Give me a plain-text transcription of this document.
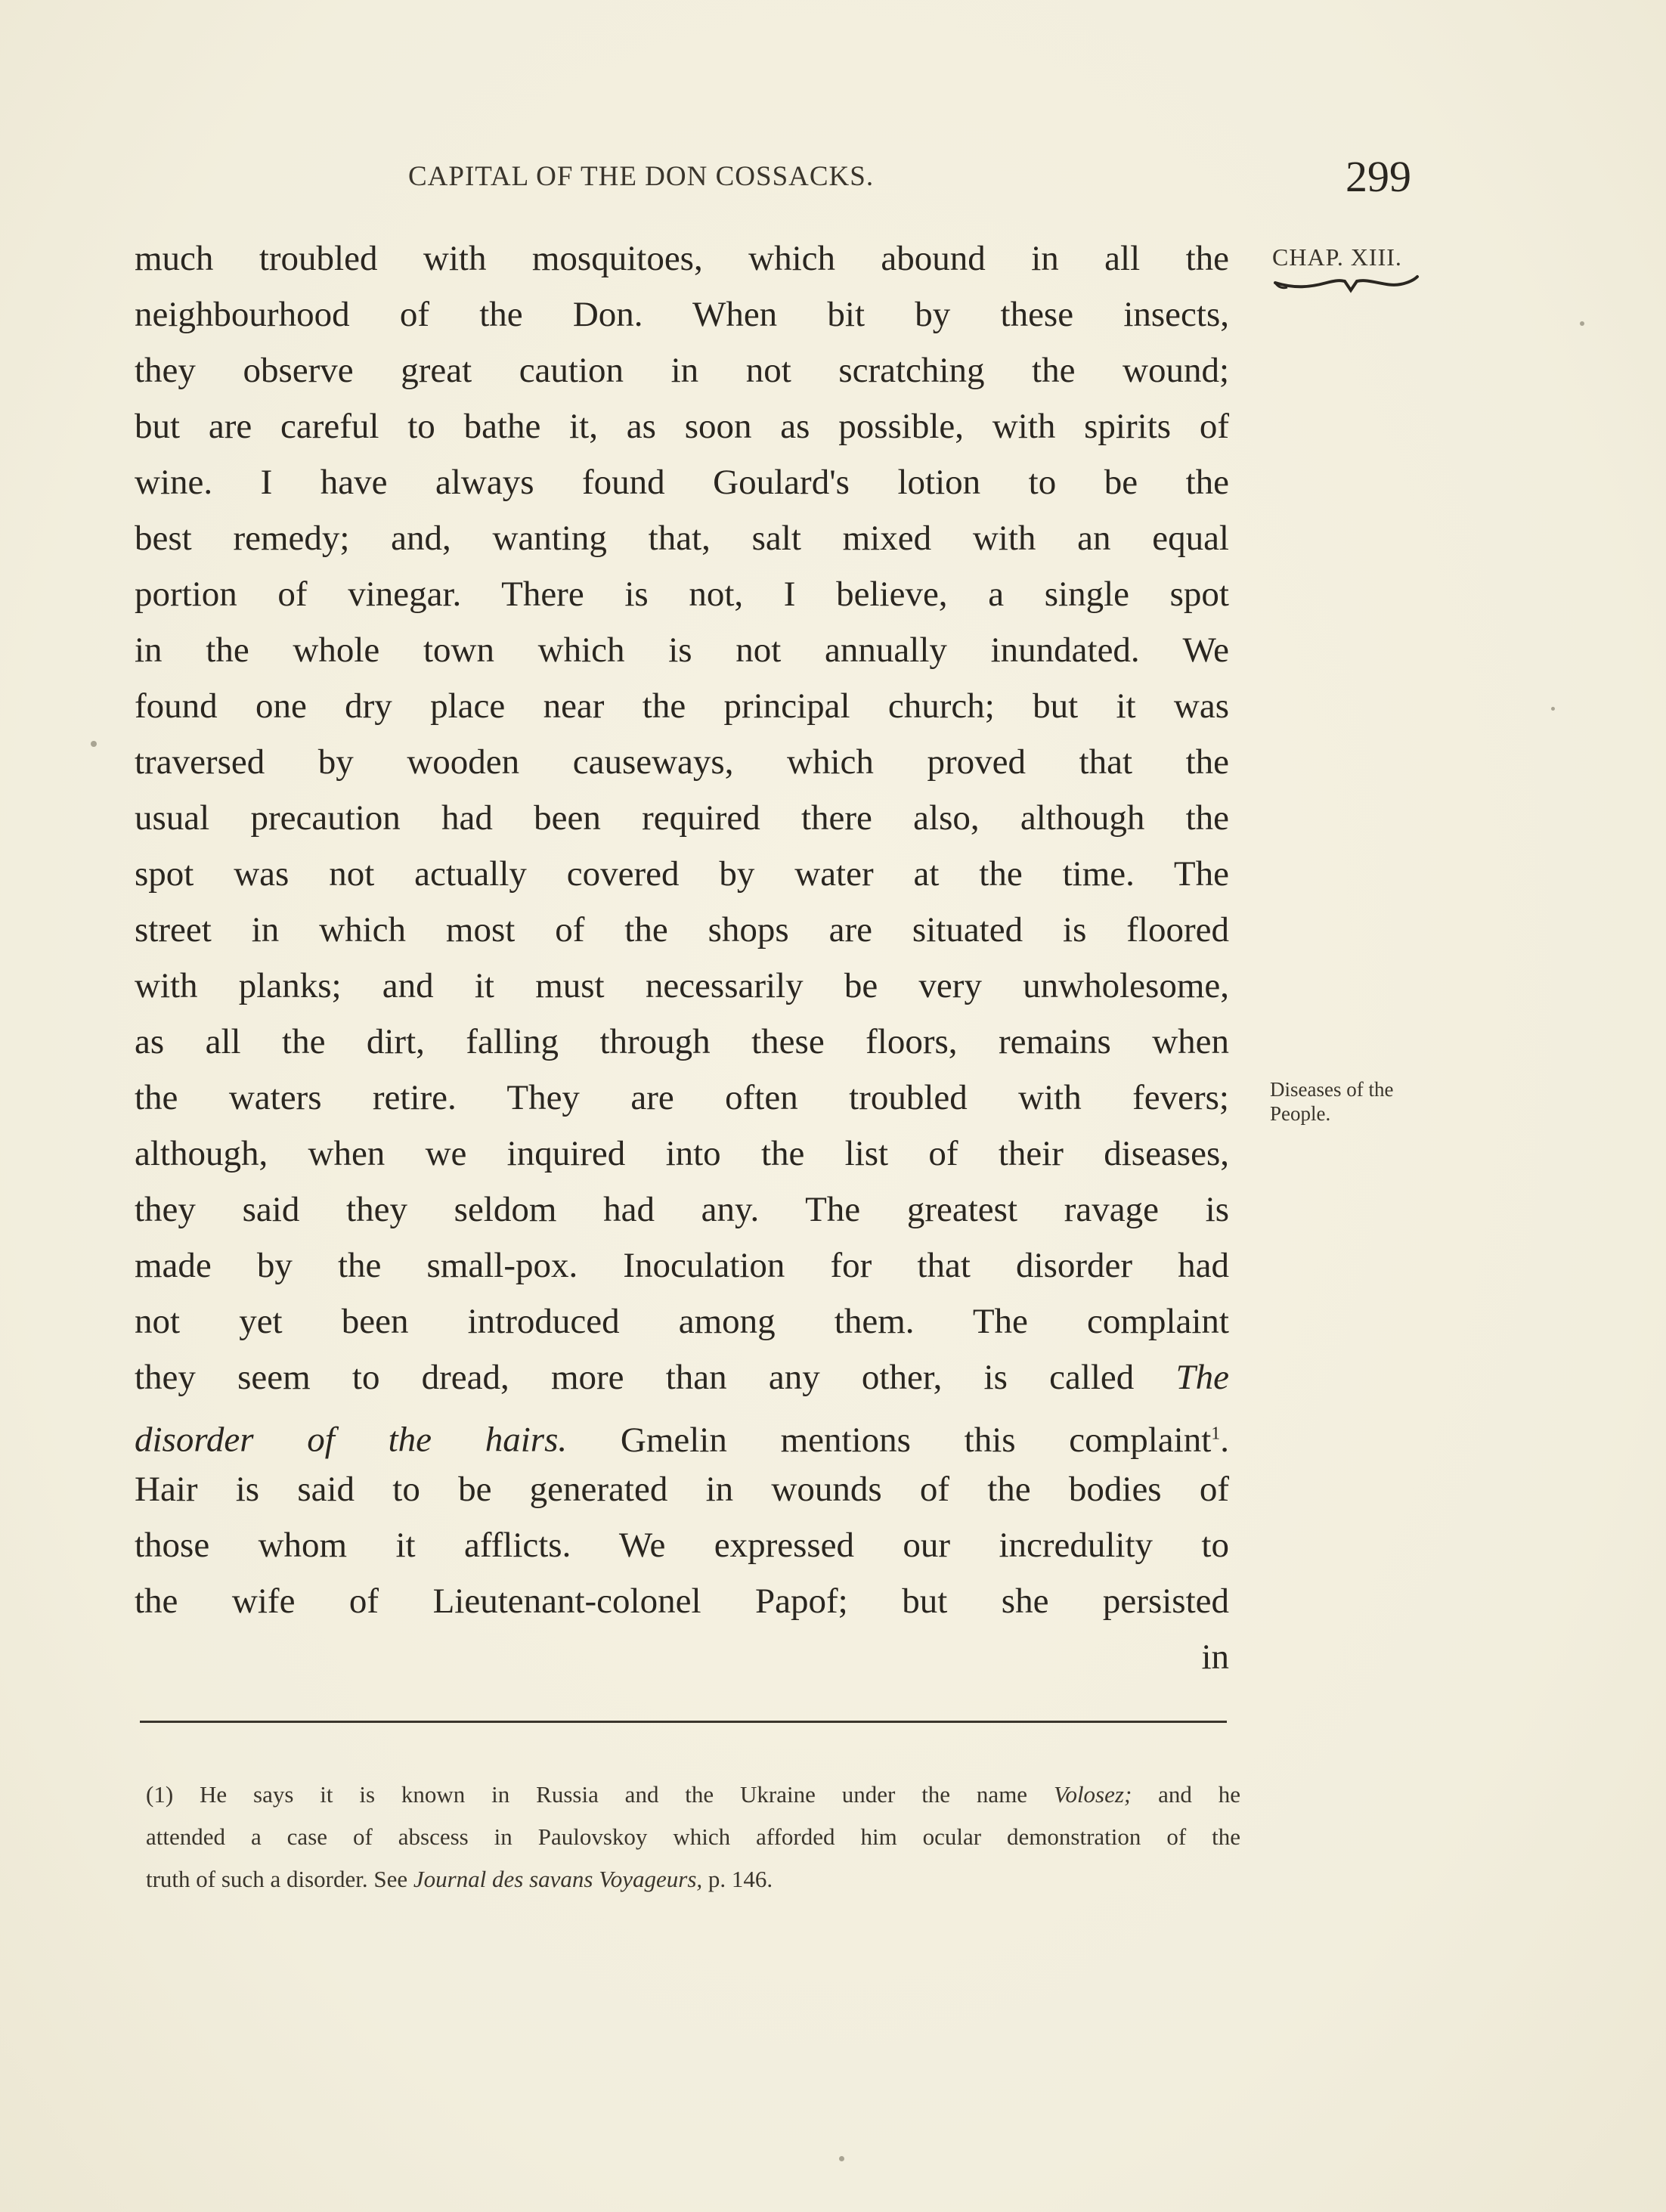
CAPITAL OF THE DON COSSACKS.	299
CHAP. XIII.
much troubled with mosquitoes, which abound in all the
neighbourhood of the Don. When bit by these insects,
they observe great caution in not scratching the wound;
but are careful to bathe it, as soon as possible, with spirits of
wine. I have always found Goulard's lotion to be the
best remedy; and, wanting that, salt mixed with an equal
portion of vinegar. There is not, I believe, a single spot
in the whole town which is not annually inundated. We
found one dry place near the principal church; but it was
traversed by wooden causeways, which proved that the
usual precaution had been required there also, although the
spot was not actually covered by water at the time. The
street in which most of the shops are situated is floored
with planks; and it must necessarily be very unwholesome,
as all the dirt, falling through these floors, remains when
the waters retire. They are often troubled with fevers;
although, when we inquired into the list of their diseases,
they said they seldom had any. The greatest ravage is
made by the small-pox. Inoculation for that disorder had
not yet been introduced among them. The complaint
they seem to dread, more than any other, is called The
disorder of the hairs. Gmelin mentions this complaint$^1$.
Hair is said to be generated in wounds of the bodies of
those whom it afflicts. We expressed our incredulity to
the wife of Lieutenant-colonel Papof; but she persisted
in
Diseases of the
People.
(1) He says it is known in Russia and the Ukraine under the name Volosez; and he
attended a case of abscess in Paulovskoy which afforded him ocular demonstration of the
truth of such a disorder. See Journal des savans Voyageurs, p. 146.
